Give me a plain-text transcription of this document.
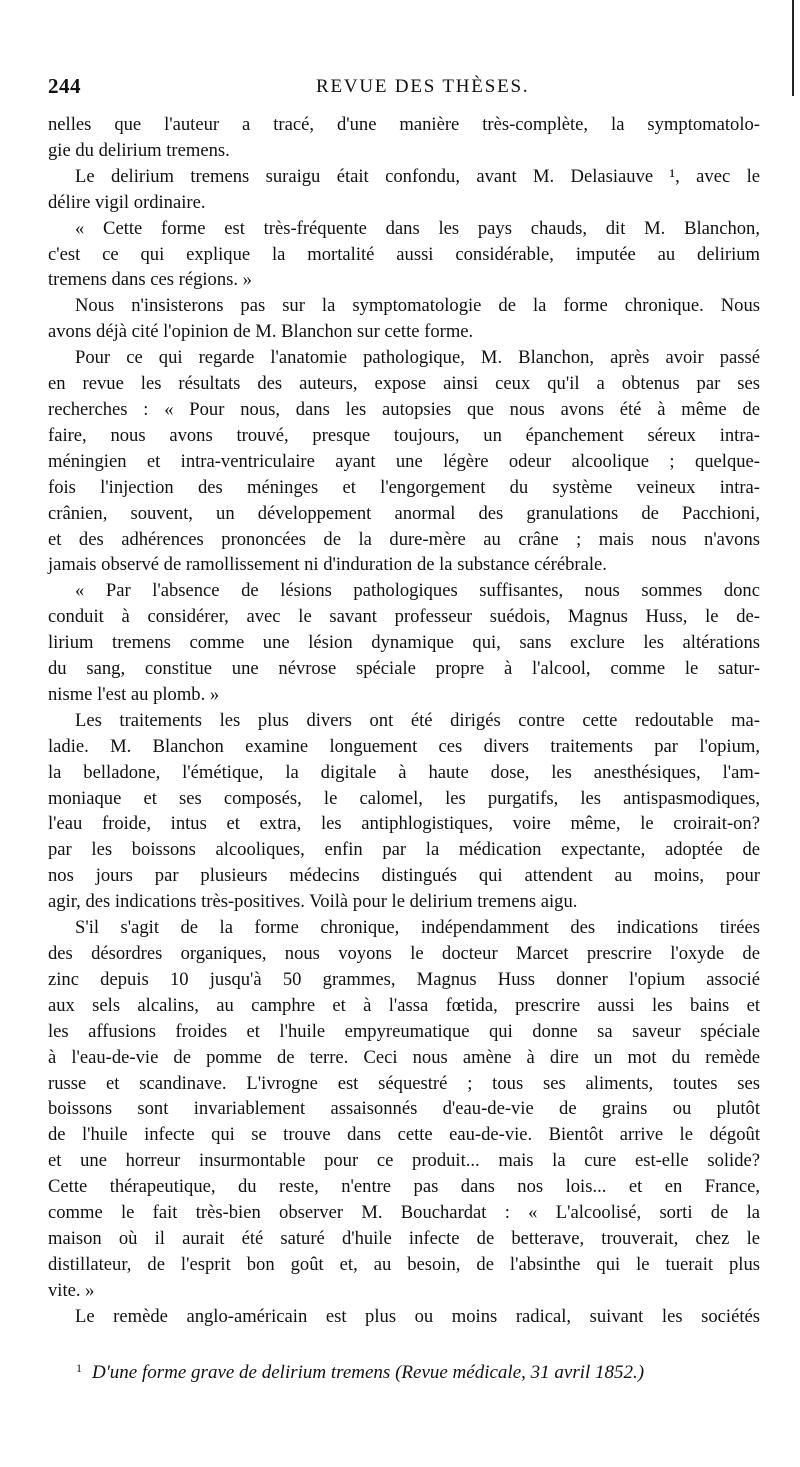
244	REVUE DES THÈSES.
nelles que l'auteur a tracé, d'une manière très-complète, la symptomatolo-
gie du delirium tremens.
Le delirium tremens suraigu était confondu, avant M. Delasiauve ¹, avec le
délire vigil ordinaire.
« Cette forme est très-fréquente dans les pays chauds, dit M. Blanchon,
c'est ce qui explique la mortalité aussi considérable, imputée au delirium
tremens dans ces régions. »
Nous n'insisterons pas sur la symptomatologie de la forme chronique. Nous
avons déjà cité l'opinion de M. Blanchon sur cette forme.
Pour ce qui regarde l'anatomie pathologique, M. Blanchon, après avoir passé
en revue les résultats des auteurs, expose ainsi ceux qu'il a obtenus par ses
recherches : « Pour nous, dans les autopsies que nous avons été à même de
faire, nous avons trouvé, presque toujours, un épanchement séreux intra-
méningien et intra-ventriculaire ayant une légère odeur alcoolique ; quelque-
fois l'injection des méninges et l'engorgement du système veineux intra-
crânien, souvent, un développement anormal des granulations de Pacchioni,
et des adhérences prononcées de la dure-mère au crâne ; mais nous n'avons
jamais observé de ramollissement ni d'induration de la substance cérébrale.
« Par l'absence de lésions pathologiques suffisantes, nous sommes donc
conduit à considérer, avec le savant professeur suédois, Magnus Huss, le de-
lirium tremens comme une lésion dynamique qui, sans exclure les altérations
du sang, constitue une névrose spéciale propre à l'alcool, comme le satur-
nisme l'est au plomb. »
Les traitements les plus divers ont été dirigés contre cette redoutable ma-
ladie. M. Blanchon examine longuement ces divers traitements par l'opium,
la belladone, l'émétique, la digitale à haute dose, les anesthésiques, l'am-
moniaque et ses composés, le calomel, les purgatifs, les antispasmodiques,
l'eau froide, intus et extra, les antiphlogistiques, voire même, le croirait-on?
par les boissons alcooliques, enfin par la médication expectante, adoptée de
nos jours par plusieurs médecins distingués qui attendent au moins, pour
agir, des indications très-positives. Voilà pour le delirium tremens aigu.
S'il s'agit de la forme chronique, indépendamment des indications tirées
des désordres organiques, nous voyons le docteur Marcet prescrire l'oxyde de
zinc depuis 10 jusqu'à 50 grammes, Magnus Huss donner l'opium associé
aux sels alcalins, au camphre et à l'assa fœtida, prescrire aussi les bains et
les affusions froides et l'huile empyreumatique qui donne sa saveur spéciale
à l'eau-de-vie de pomme de terre. Ceci nous amène à dire un mot du remède
russe et scandinave. L'ivrogne est séquestré ; tous ses aliments, toutes ses
boissons sont invariablement assaisonnés d'eau-de-vie de grains ou plutôt
de l'huile infecte qui se trouve dans cette eau-de-vie. Bientôt arrive le dégoût
et une horreur insurmontable pour ce produit... mais la cure est-elle solide?
Cette thérapeutique, du reste, n'entre pas dans nos lois... et en France,
comme le fait très-bien observer M. Bouchardat : « L'alcoolisé, sorti de la
maison où il aurait été saturé d'huile infecte de betterave, trouverait, chez le
distillateur, de l'esprit bon goût et, au besoin, de l'absinthe qui le tuerait plus
vite. »
Le remède anglo-américain est plus ou moins radical, suivant les sociétés
$^1$ D'une forme grave de delirium tremens (Revue médicale, 31 avril 1852.)
